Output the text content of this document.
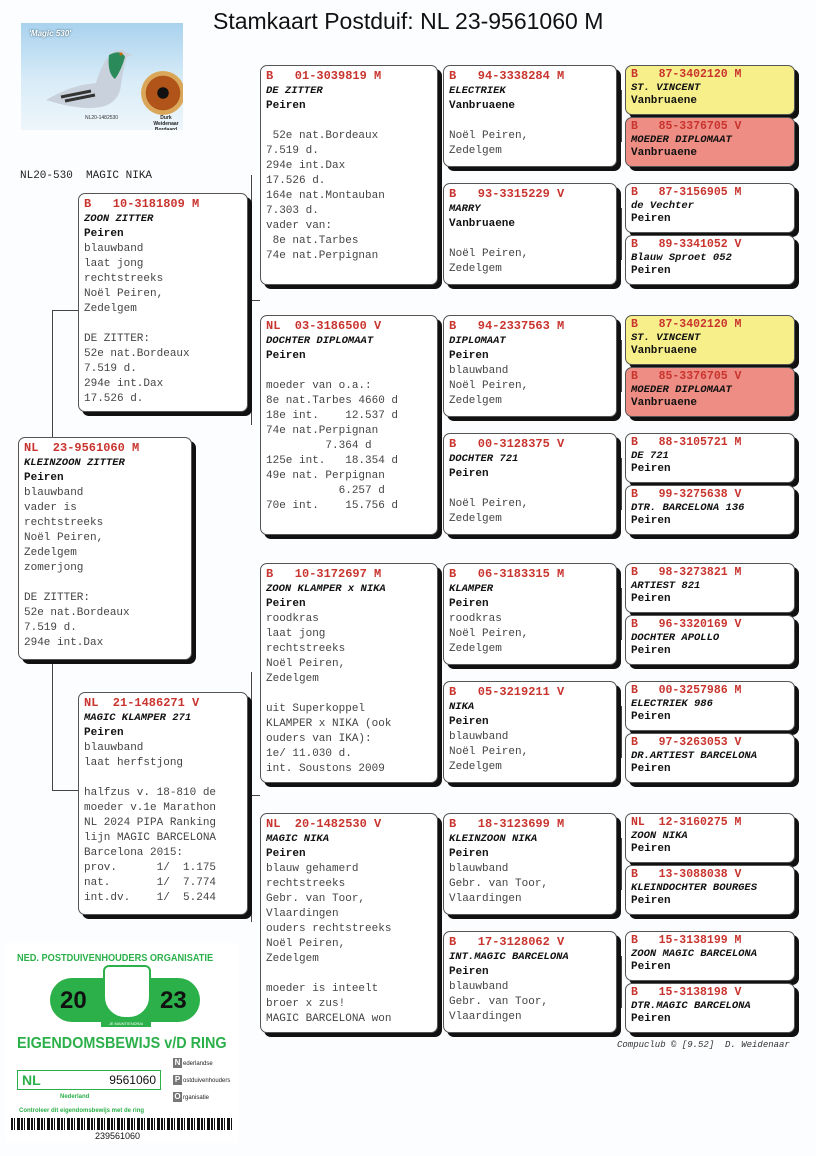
Stamkaart Postduif: NL 23-9561060 M
'Magic 530'
NL20-1482530	Durk Weidenaar Bordaard
NL20-530  MAGIC NIKA
NL  23-9561060 M
KLEINZOON ZITTER
Peiren
blauwband
vader is
rechtstreeks
Noël Peiren,
Zedelgem
zomerjong

DE ZITTER:
52e nat.Bordeaux
7.519 d.
294e int.Dax
B   10-3181809 M
ZOON ZITTER
Peiren
blauwband
laat jong
rechtstreeks
Noël Peiren,
Zedelgem

DE ZITTER:
52e nat.Bordeaux
7.519 d.
294e int.Dax
17.526 d.
NL  21-1486271 V
MAGIC KLAMPER 271
Peiren
blauwband
laat herfstjong

halfzus v. 18-810 de
moeder v.1e Marathon
NL 2024 PIPA Ranking
lijn MAGIC BARCELONA
Barcelona 2015:
prov.      1/  1.175
nat.       1/  7.774
int.dv.    1/  5.244
B   01-3039819 M
DE ZITTER
Peiren

52e nat.Bordeaux
7.519 d.
294e int.Dax
17.526 d.
164e nat.Montauban
7.303 d.
vader van:
8e nat.Tarbes
74e nat.Perpignan
NL  03-3186500 V
DOCHTER DIPLOMAAT
Peiren

moeder van o.a.:
8e nat.Tarbes 4660 d
18e int.    12.537 d
74e nat.Perpignan
7.364 d
125e int.   18.354 d
49e nat. Perpignan
6.257 d
70e int.    15.756 d
B   10-3172697 M
ZOON KLAMPER x NIKA
Peiren
roodkras
laat jong
rechtstreeks
Noël Peiren,
Zedelgem

uit Superkoppel
KLAMPER x NIKA (ook
ouders van IKA):
1e/ 11.030 d.
int. Soustons 2009
NL  20-1482530 V
MAGIC NIKA
Peiren
blauw gehamerd
rechtstreeks
Gebr. van Toor,
Vlaardingen
ouders rechtstreeks
Noël Peiren,
Zedelgem

moeder is inteelt
broer x zus!
MAGIC BARCELONA won
B   94-3338284 M
ELECTRIEK
Vanbruaene

Noël Peiren,
Zedelgem
B   93-3315229 V
MARRY
Vanbruaene

Noël Peiren,
Zedelgem
B   94-2337563 M
DIPLOMAAT
Peiren
blauwband
Noël Peiren,
Zedelgem
B   00-3128375 V
DOCHTER 721
Peiren

Noël Peiren,
Zedelgem
B   06-3183315 M
KLAMPER
Peiren
roodkras
Noël Peiren,
Zedelgem
B   05-3219211 V
NIKA
Peiren
blauwband
Noël Peiren,
Zedelgem
B   18-3123699 M
KLEINZOON NIKA
Peiren
blauwband
Gebr. van Toor,
Vlaardingen
B   17-3128062 V
INT.MAGIC BARCELONA
Peiren
blauwband
Gebr. van Toor,
Vlaardingen
B   87-3402120 M
ST. VINCENT
Vanbruaene
B   85-3376705 V
MOEDER DIPLOMAAT
Vanbruaene
B   87-3156905 M
de Vechter
Peiren
B   89-3341052 V
Blauw Sproet 052
Peiren
B   87-3402120 M
ST. VINCENT
Vanbruaene
B   85-3376705 V
MOEDER DIPLOMAAT
Vanbruaene
B   88-3105721 M
DE 721
Peiren
B   99-3275638 V
DTR. BARCELONA 136
Peiren
B   98-3273821 M
ARTIEST 821
Peiren
B   96-3320169 V
DOCHTER APOLLO
Peiren
B   00-3257986 M
ELECTRIEK 986
Peiren
B   97-3263053 V
DR.ARTIEST BARCELONA
Peiren
NL  12-3160275 M
ZOON NIKA
Peiren
B   13-3088038 V
KLEINDOCHTER BOURGES
Peiren
B   15-3138199 M
ZOON MAGIC BARCELONA
Peiren
B   15-3138198 V
DTR.MAGIC BARCELONA
Peiren
Compuclub © [9.52]  D. Weidenaar
NED. POSTDUIVENHOUDERS ORGANISATIE
20	23
JE MAINTIENDRAI
EIGENDOMSBEWIJS v/D RING
NL	9561060
N ederlandse
P ostduivenhouders
O rganisatie
Nederland
Controleer dit eigendomsbewijs met de ring
239561060
